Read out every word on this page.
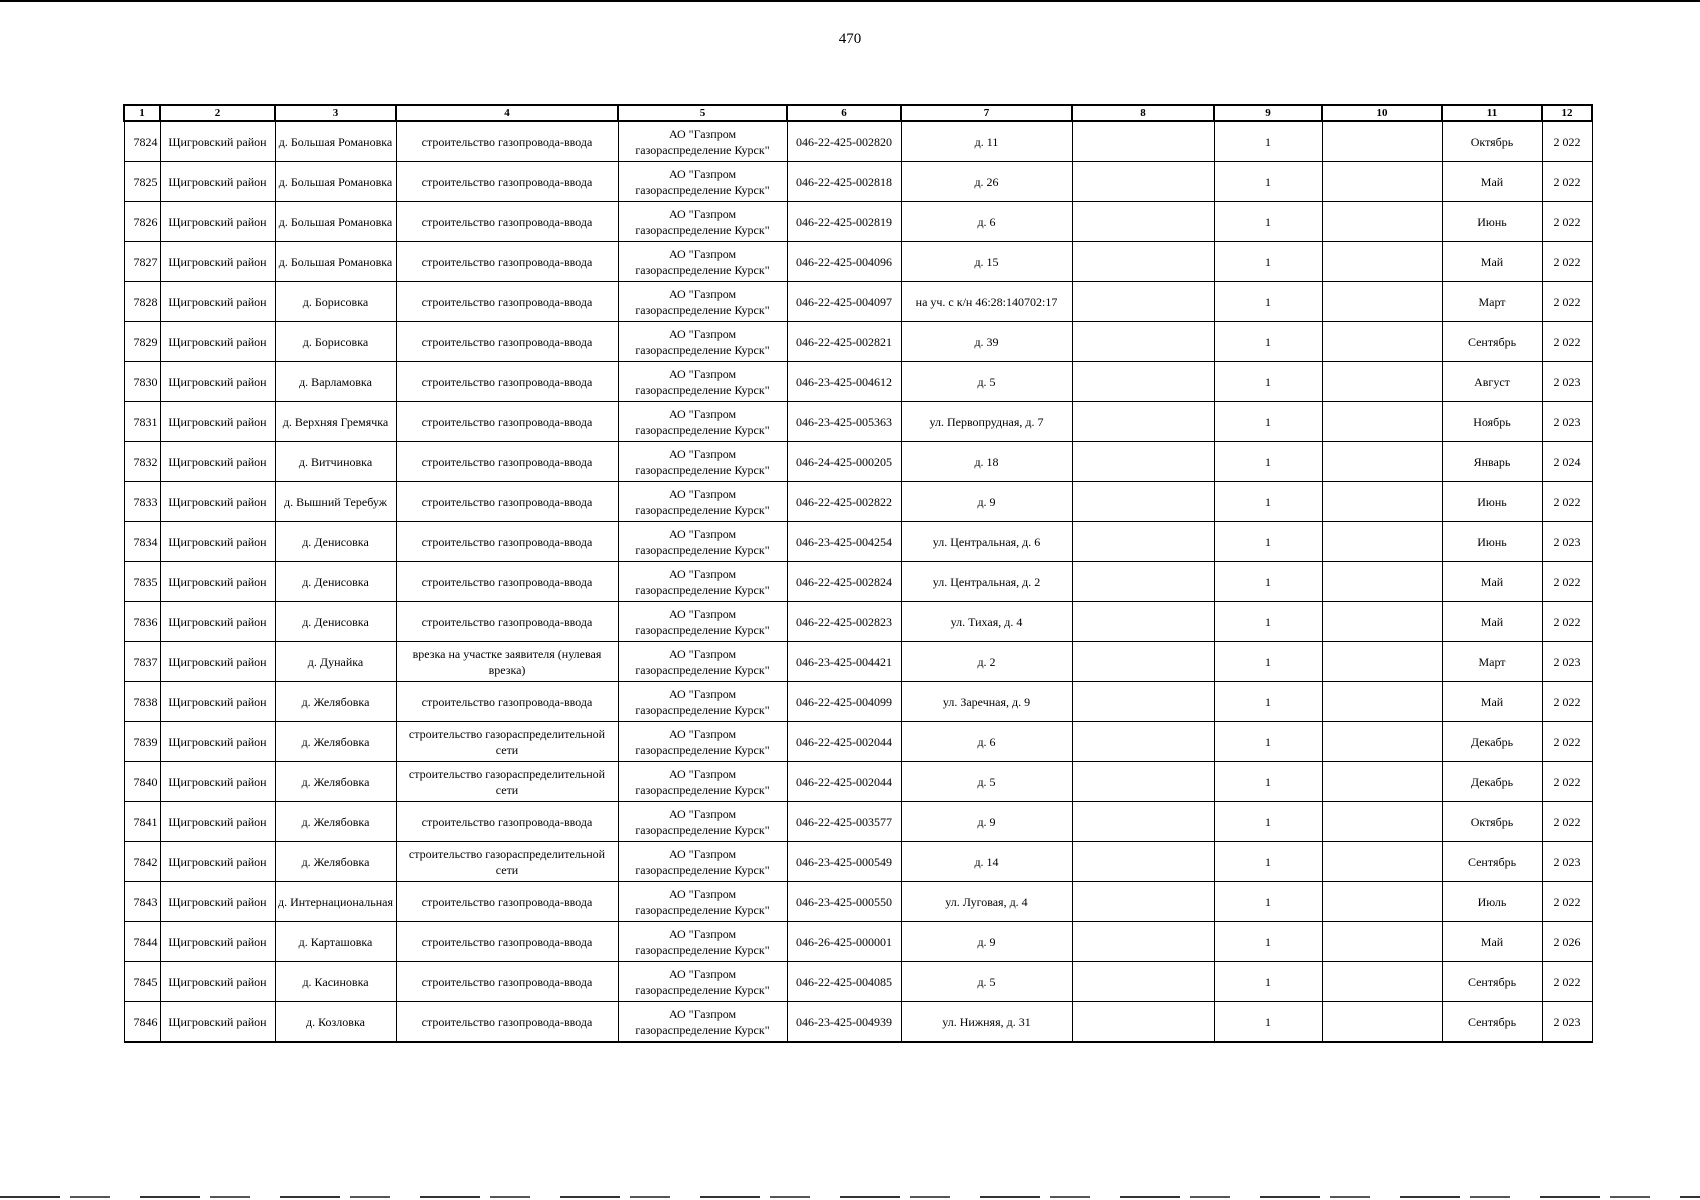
470
1	2	3	4	5	6	7	8	9	10	11	12
7824	Щигровский район	д. Большая Романовка	строительство газопровода-ввода	АО "Газпром газораспределение Курск"	046-22-425-002820	д. 11		1		Октябрь	2 022
7825	Щигровский район	д. Большая Романовка	строительство газопровода-ввода	АО "Газпром газораспределение Курск"	046-22-425-002818	д. 26		1		Май	2 022
7826	Щигровский район	д. Большая Романовка	строительство газопровода-ввода	АО "Газпром газораспределение Курск"	046-22-425-002819	д. 6		1		Июнь	2 022
7827	Щигровский район	д. Большая Романовка	строительство газопровода-ввода	АО "Газпром газораспределение Курск"	046-22-425-004096	д. 15		1		Май	2 022
7828	Щигровский район	д. Борисовка	строительство газопровода-ввода	АО "Газпром газораспределение Курск"	046-22-425-004097	на уч. с к/н 46:28:140702:17		1		Март	2 022
7829	Щигровский район	д. Борисовка	строительство газопровода-ввода	АО "Газпром газораспределение Курск"	046-22-425-002821	д. 39		1		Сентябрь	2 022
7830	Щигровский район	д. Варламовка	строительство газопровода-ввода	АО "Газпром газораспределение Курск"	046-23-425-004612	д. 5		1		Август	2 023
7831	Щигровский район	д. Верхняя Гремячка	строительство газопровода-ввода	АО "Газпром газораспределение Курск"	046-23-425-005363	ул. Первопрудная, д. 7		1		Ноябрь	2 023
7832	Щигровский район	д. Витчиновка	строительство газопровода-ввода	АО "Газпром газораспределение Курск"	046-24-425-000205	д. 18		1		Январь	2 024
7833	Щигровский район	д. Вышний Теребуж	строительство газопровода-ввода	АО "Газпром газораспределение Курск"	046-22-425-002822	д. 9		1		Июнь	2 022
7834	Щигровский район	д. Денисовка	строительство газопровода-ввода	АО "Газпром газораспределение Курск"	046-23-425-004254	ул. Центральная, д. 6		1		Июнь	2 023
7835	Щигровский район	д. Денисовка	строительство газопровода-ввода	АО "Газпром газораспределение Курск"	046-22-425-002824	ул. Центральная, д. 2		1		Май	2 022
7836	Щигровский район	д. Денисовка	строительство газопровода-ввода	АО "Газпром газораспределение Курск"	046-22-425-002823	ул. Тихая, д. 4		1		Май	2 022
7837	Щигровский район	д. Дунайка	врезка на участке заявителя (нулевая врезка)	АО "Газпром газораспределение Курск"	046-23-425-004421	д. 2		1		Март	2 023
7838	Щигровский район	д. Желябовка	строительство газопровода-ввода	АО "Газпром газораспределение Курск"	046-22-425-004099	ул. Заречная, д. 9		1		Май	2 022
7839	Щигровский район	д. Желябовка	строительство газораспределительной сети	АО "Газпром газораспределение Курск"	046-22-425-002044	д. 6		1		Декабрь	2 022
7840	Щигровский район	д. Желябовка	строительство газораспределительной сети	АО "Газпром газораспределение Курск"	046-22-425-002044	д. 5		1		Декабрь	2 022
7841	Щигровский район	д. Желябовка	строительство газопровода-ввода	АО "Газпром газораспределение Курск"	046-22-425-003577	д. 9		1		Октябрь	2 022
7842	Щигровский район	д. Желябовка	строительство газораспределительной сети	АО "Газпром газораспределение Курск"	046-23-425-000549	д. 14		1		Сентябрь	2 023
7843	Щигровский район	д. Интернациональная	строительство газопровода-ввода	АО "Газпром газораспределение Курск"	046-23-425-000550	ул. Луговая, д. 4		1		Июль	2 022
7844	Щигровский район	д. Карташовка	строительство газопровода-ввода	АО "Газпром газораспределение Курск"	046-26-425-000001	д. 9		1		Май	2 026
7845	Щигровский район	д. Касиновка	строительство газопровода-ввода	АО "Газпром газораспределение Курск"	046-22-425-004085	д. 5		1		Сентябрь	2 022
7846	Щигровский район	д. Козловка	строительство газопровода-ввода	АО "Газпром газораспределение Курск"	046-23-425-004939	ул. Нижняя, д. 31		1		Сентябрь	2 023
